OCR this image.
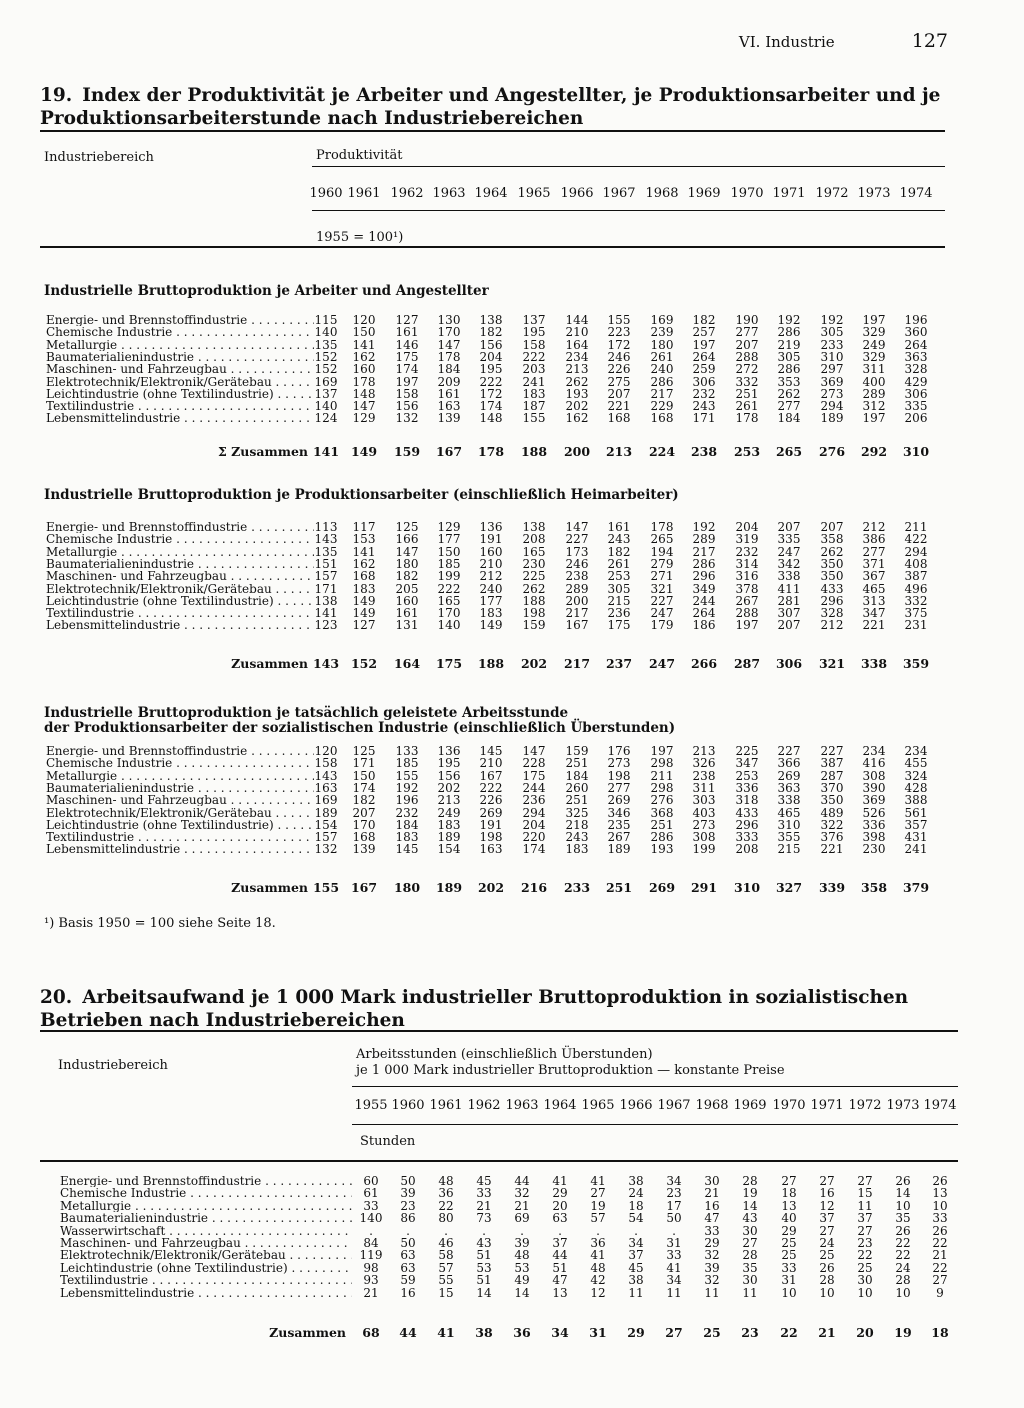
VI. Industrie	127
19. Index der Produktivität je Arbeiter und Angestellter, je Produktionsarbeiter und je Produktionsarbeiterstunde nach Industriebereichen
Industriebereich	Produktivität
1960 1961 1962 1963 1964 1965 1966 1967 1968 1969 1970 1971 1972 1973 1974
1955 = 100¹)
Industrielle Bruttoproduktion je Arbeiter und Angestellter
Energie- und Brennstoffindustrie . . .	115	120	127	130	138	137	144	155	169	182	190	192	192	197	196
Chemische Industrie . . .	140	150	161	170	182	195	210	223	239	257	277	286	305	329	360
Metallurgie . . .	135	141	146	147	156	158	164	172	180	197	207	219	233	249	264
Baumaterialienindustrie . . .	152	162	175	178	204	222	234	246	261	264	288	305	310	329	363
Maschinen- und Fahrzeugbau . . .	152	160	174	184	195	203	213	226	240	259	272	286	297	311	328
Elektrotechnik/Elektronik/Gerätebau . . .	169	178	197	209	222	241	262	275	286	306	332	353	369	400	429
Leichtindustrie (ohne Textilindustrie) . . .	137	148	158	161	172	183	193	207	217	232	251	262	273	289	306
Textilindustrie . . .	140	147	156	163	174	187	202	221	229	243	261	277	294	312	335
Lebensmittelindustrie . . .	124	129	132	139	148	155	162	168	168	171	178	184	189	197	206
Σ Zusammen 141 149	159	167	178	188	200	213	224	238	253	265	276	292	310
Industrielle Bruttoproduktion je Produktionsarbeiter (einschließlich Heimarbeiter)
Energie- und Brennstoffindustrie . . .	113	117	125	129	136	138	147	161	178	192	204	207	207	212	211
Chemische Industrie . . .	143	153	166	177	191	208	227	243	265	289	319	335	358	386	422
Metallurgie . . .	135	141	147	150	160	165	173	182	194	217	232	247	262	277	294
Baumaterialienindustrie . . .	151	162	180	185	210	230	246	261	279	286	314	342	350	371	408
Maschinen- und Fahrzeugbau . . .	157	168	182	199	212	225	238	253	271	296	316	338	350	367	387
Elektrotechnik/Elektronik/Gerätebau . . .	171	183	205	222	240	262	289	305	321	349	378	411	433	465	496
Leichtindustrie (ohne Textilindustrie) . . .	138	149	160	165	177	188	200	215	227	244	267	281	296	313	332
Textilindustrie . . .	141	149	161	170	183	198	217	236	247	264	288	307	328	347	375
Lebensmittelindustrie . . .	123	127	131	140	149	159	167	175	179	186	197	207	212	221	231
Zusammen 143 152	164	175	188	202	217	237	247	266	287	306	321	338	359
Industrielle Bruttoproduktion je tatsächlich geleistete Arbeitsstunde
der Produktionsarbeiter der sozialistischen Industrie (einschließlich Überstunden)
Energie- und Brennstoffindustrie . . .	120	125	133	136	145	147	159	176	197	213	225	227	227	234	234
Chemische Industrie . . .	158	171	185	195	210	228	251	273	298	326	347	366	387	416	455
Metallurgie . . .	143	150	155	156	167	175	184	198	211	238	253	269	287	308	324
Baumaterialienindustrie . . .	163	174	192	202	222	244	260	277	298	311	336	363	370	390	428
Maschinen- und Fahrzeugbau . . .	169	182	196	213	226	236	251	269	276	303	318	338	350	369	388
Elektrotechnik/Elektronik/Gerätebau . . .	189	207	232	249	269	294	325	346	368	403	433	465	489	526	561
Leichtindustrie (ohne Textilindustrie) . . .	154	170	184	183	191	204	218	235	251	273	296	310	322	336	357
Textilindustrie . . .	157	168	183	189	198	220	243	267	286	308	333	355	376	398	431
Lebensmittelindustrie . . .	132	139	145	154	163	174	183	189	193	199	208	215	221	230	241
Zusammen 155 167	180	189	202	216	233	251	269	291	310	327	339	358	379
¹) Basis 1950 = 100 siehe Seite 18.
20. Arbeitsaufwand je 1 000 Mark industrieller Bruttoproduktion in sozialistischen Betrieben nach Industriebereichen
Industriebereich
Arbeitsstunden (einschließlich Überstunden)
je 1 000 Mark industrieller Bruttoproduktion — konstante Preise
1955 1960 1961 1962 1963 1964 1965 1966 1967 1968 1969 1970 1971 1972 1973 1974
Stunden
Energie- und Brennstoffindustrie . . .	60	50	48	45	44	41	41	38	34	30	28	27	27	27	26	26
Chemische Industrie . . .	61	39	36	33	32	29	27	24	23	21	19	18	16	15	14	13
Metallurgie . . .	33	23	22	21	21	20	19	18	17	16	14	13	12	11	10	10
Baumaterialienindustrie . . .	140	86	80	73	69	63	57	54	50	47	43	40	37	37	35	33
Wasserwirtschaft . . .	.	.	.	.	.	.	.	.	.	33	30	29	27	27	26	26
Maschinen- und Fahrzeugbau . . .	84	50	46	43	39	37	36	34	31	29	27	25	24	23	22	22
Elektrotechnik/Elektronik/Gerätebau . . .	119	63	58	51	48	44	41	37	33	32	28	25	25	22	22	21
Leichtindustrie (ohne Textilindustrie) . . .	98	63	57	53	53	51	48	45	41	39	35	33	26	25	24	22
Textilindustrie . . .	93	59	55	51	49	47	42	38	34	32	30	31	28	30	28	27
Lebensmittelindustrie . . .	21	16	15	14	14	13	12	11	11	11	11	10	10	10	10	9
Zusammen	68	44	41	38	36	34	31	29	27	25	23	22	21	20	19	18
